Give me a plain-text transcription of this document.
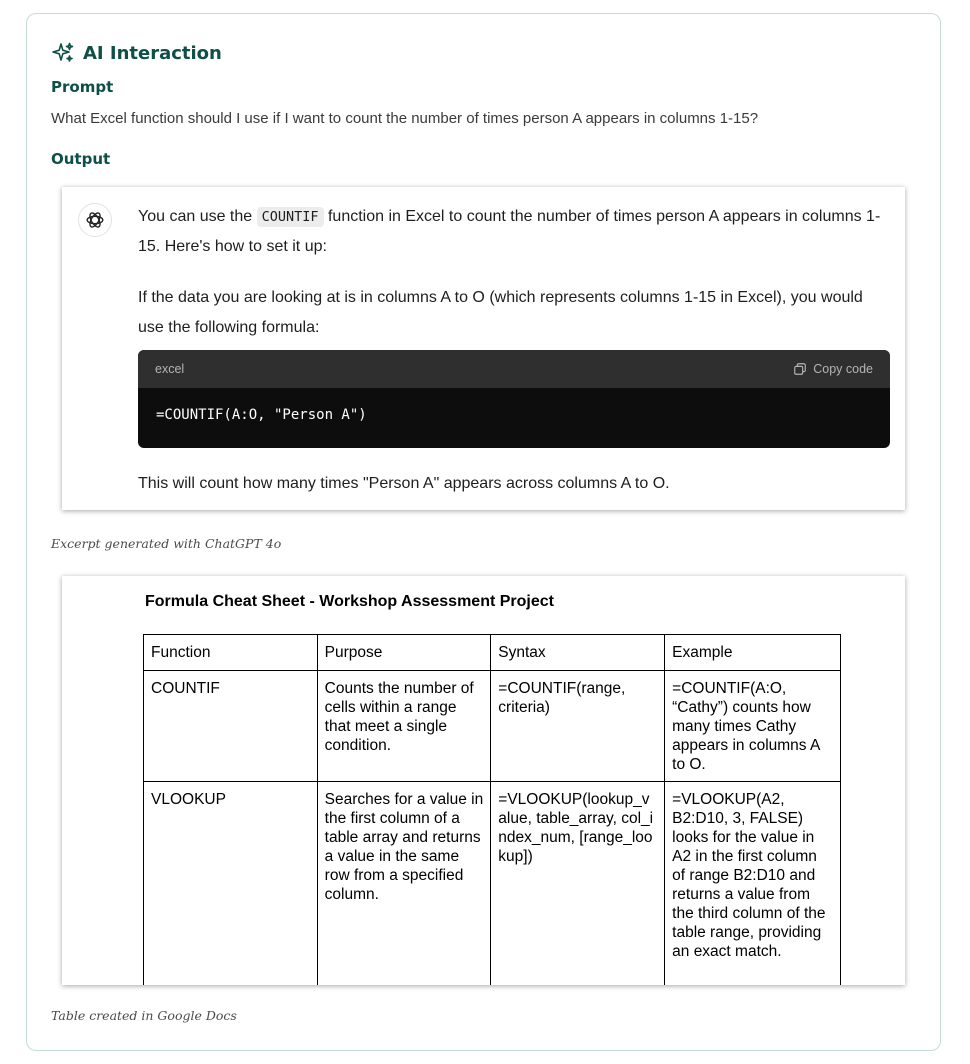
AI Interaction
Prompt
What Excel function should I use if I want to count the number of times person A appears in columns 1-15?
Output
You can use the COUNTIF function in Excel to count the number of times person A appears in columns 1-15. Here's how to set it up:
If the data you are looking at is in columns A to O (which represents columns 1-15 in Excel), you would use the following formula:
excel	Copy code
=COUNTIF(A:O, "Person A")
This will count how many times "Person A" appears across columns A to O.
Excerpt generated with ChatGPT 4o
Formula Cheat Sheet - Workshop Assessment Project
Function	Purpose	Syntax	Example
COUNTIF	Counts the number of cells within a range that meet a single condition.	=COUNTIF(range, criteria)	=COUNTIF(A:O, “Cathy”) counts how many times Cathy appears in columns A to O.
VLOOKUP	Searches for a value in the first column of a table array and returns a value in the same row from a specified column.	=VLOOKUP(lookup_value, table_array, col_index_num, [range_lookup])	=VLOOKUP(A2, B2:D10, 3, FALSE) looks for the value in A2 in the first column of range B2:D10 and returns a value from the third column of the table range, providing an exact match.
Table created in Google Docs
